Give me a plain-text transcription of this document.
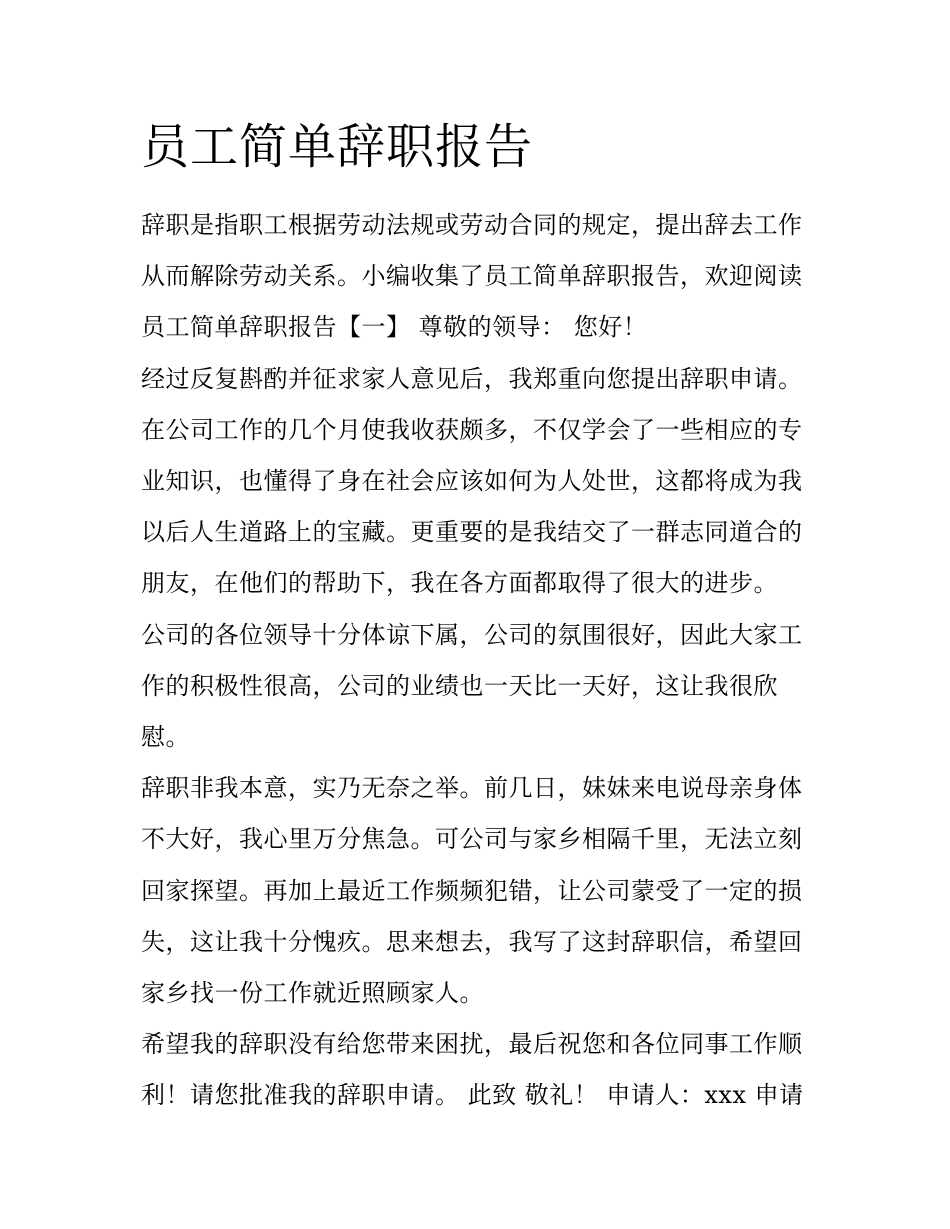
员工简单辞职报告

辞职是指职工根据劳动法规或劳动合同的规定，提出辞去工作从而解除劳动关系。小编收集了员工简单辞职报告，欢迎阅读

员工简单辞职报告【一】 尊敬的领导： 您好！

经过反复斟酌并征求家人意见后，我郑重向您提出辞职申请。

在公司工作的几个月使我收获颇多，不仅学会了一些相应的专业知识，也懂得了身在社会应该如何为人处世，这都将成为我以后人生道路上的宝藏。更重要的是我结交了一群志同道合的朋友，在他们的帮助下，我在各方面都取得了很大的进步。

公司的各位领导十分体谅下属，公司的氛围很好，因此大家工作的积极性很高，公司的业绩也一天比一天好，这让我很欣慰。

辞职非我本意，实乃无奈之举。前几日，妹妹来电说母亲身体不大好，我心里万分焦急。可公司与家乡相隔千里，无法立刻回家探望。再加上最近工作频频犯错，让公司蒙受了一定的损失，这让我十分愧疚。思来想去，我写了这封辞职信，希望回家乡找一份工作就近照顾家人。

希望我的辞职没有给您带来困扰，最后祝您和各位同事工作顺利！请您批准我的辞职申请。 此致 敬礼！ 申请人：xxx 申请
